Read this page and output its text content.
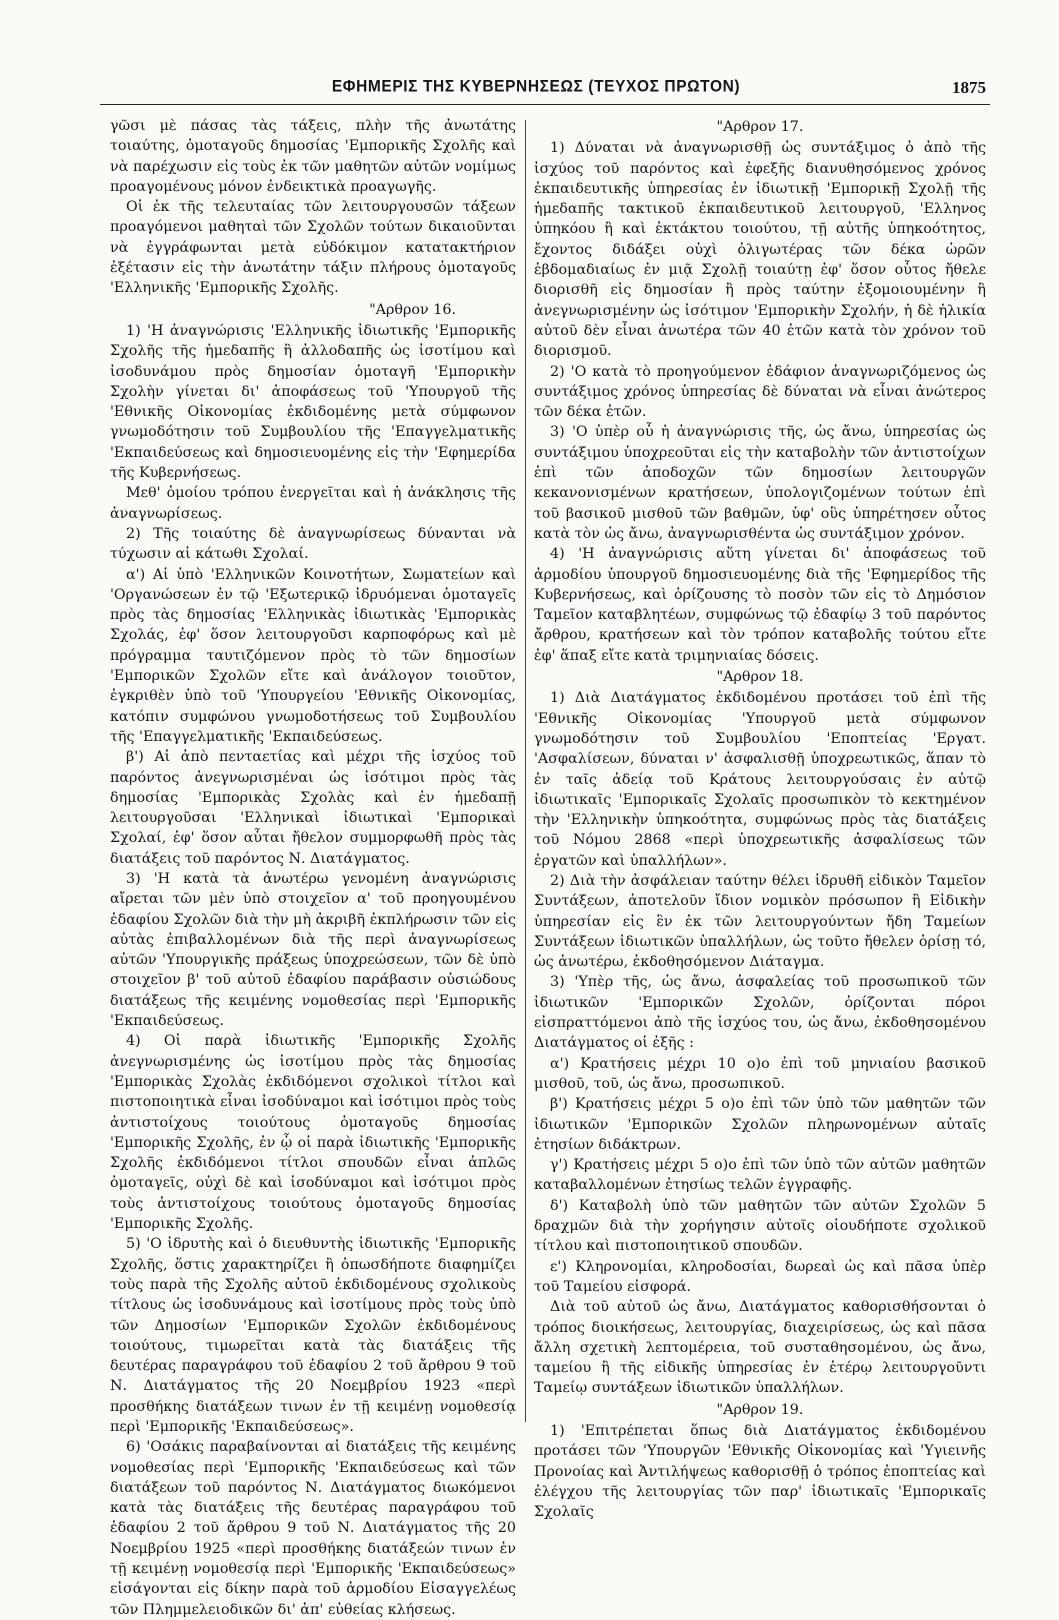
ΕΦΗΜΕΡΙΣ ΤΗΣ ΚΥΒΕΡΝΗΣΕΩΣ (ΤΕΥΧΟΣ ΠΡΩΤΟΝ)	1875

γῶσι μὲ πάσας τὰς τάξεις, πλὴν τῆς ἀνωτάτης τοιαύτης, ὁμοταγοῦς δημοσίας 'Εμπορικῆς Σχολῆς καὶ νὰ παρέχωσιν εἰς τοὺς ἐκ τῶν μαθητῶν αὐτῶν νομίμως προαγομένους μόνον ἐνδεικτικὰ προαγωγῆς.

Οἱ ἐκ τῆς τελευταίας τῶν λειτουργουσῶν τάξεων προαγόμενοι μαθηταὶ τῶν Σχολῶν τούτων δικαιοῦνται νὰ ἐγγράφωνται μετὰ εὐδόκιμον κατατακτήριον ἐξέτασιν εἰς τὴν ἀνωτάτην τάξιν πλήρους ὁμοταγοῦς 'Ελληνικῆς 'Εμπορικῆς Σχολῆς.

"Αρθρον 16.

1) 'Η ἀναγνώρισις 'Ελληνικῆς ἰδιωτικῆς 'Εμπορικῆς Σχολῆς τῆς ἡμεδαπῆς ἢ ἀλλοδαπῆς ὡς ἰσοτίμου καὶ ἰσοδυνάμου πρὸς δημοσίαν ὁμοταγῆ 'Εμπορικὴν Σχολὴν γίνεται δι' ἀποφάσεως τοῦ 'Υπουργοῦ τῆς 'Εθνικῆς Οἰκονομίας ἐκδιδομένης μετὰ σύμφωνον γνωμοδότησιν τοῦ Συμβουλίου τῆς 'Επαγγελματικῆς 'Εκπαιδεύσεως καὶ δημοσιευομένης εἰς τὴν 'Εφημερίδα τῆς Κυβερνήσεως.

Μεθ' ὁμοίου τρόπου ἐνεργεῖται καὶ ἡ ἀνάκλησις τῆς ἀναγνωρίσεως.

2) Τῆς τοιαύτης δὲ ἀναγνωρίσεως δύνανται νὰ τύχωσιν αἱ κάτωθι Σχολαί.

α') Αἱ ὑπὸ 'Ελληνικῶν Κοινοτήτων, Σωματείων καὶ 'Οργανώσεων ἐν τῷ 'Εξωτερικῷ ἱδρυόμεναι ὁμοταγεῖς πρὸς τὰς δημοσίας 'Ελληνικὰς ἰδιωτικὰς 'Εμπορικὰς Σχολάς, ἐφ' ὅσον λειτουργοῦσι καρποφόρως καὶ μὲ πρόγραμμα ταυτιζόμενον πρὸς τὸ τῶν δημοσίων 'Εμπορικῶν Σχολῶν εἴτε καὶ ἀνάλογον τοιοῦτον, ἐγκριθὲν ὑπὸ τοῦ 'Υπουργείου 'Εθνικῆς Οἰκονομίας, κατόπιν συμφώνου γνωμοδοτήσεως τοῦ Συμβουλίου τῆς 'Επαγγελματικῆς 'Εκπαιδεύσεως.

β') Αἱ ἀπὸ πενταετίας καὶ μέχρι τῆς ἰσχύος τοῦ παρόντος ἀνεγνωρισμέναι ὡς ἰσότιμοι πρὸς τὰς δημοσίας 'Εμπορικὰς Σχολὰς καὶ ἐν ἡμεδαπῇ λειτουργοῦσαι 'Ελληνικαὶ ἰδιωτικαὶ 'Εμπορικαὶ Σχολαί, ἐφ' ὅσον αὗται ἤθελον συμμορφωθῆ πρὸς τὰς διατάξεις τοῦ παρόντος Ν. Διατάγματος.

3) 'Η κατὰ τὰ ἀνωτέρω γενομένη ἀναγνώρισις αἴρεται τῶν μὲν ὑπὸ στοιχεῖον α' τοῦ προηγουμένου ἐδαφίου Σχολῶν διὰ τὴν μὴ ἀκριβῆ ἐκπλήρωσιν τῶν εἰς αὐτὰς ἐπιβαλλομένων διὰ τῆς περὶ ἀναγνωρίσεως αὐτῶν 'Υπουργικῆς πράξεως ὑποχρεώσεων, τῶν δὲ ὑπὸ στοιχεῖον β' τοῦ αὐτοῦ ἐδαφίου παράβασιν οὐσιώδους διατάξεως τῆς κειμένης νομοθεσίας περὶ 'Εμπορικῆς 'Εκπαιδεύσεως.

4) Οἱ παρὰ ἰδιωτικῆς 'Εμπορικῆς Σχολῆς ἀνεγνωρισμένης ὡς ἰσοτίμου πρὸς τὰς δημοσίας 'Εμπορικὰς Σχολὰς ἐκδιδόμενοι σχολικοὶ τίτλοι καὶ πιστοποιητικὰ εἶναι ἰσοδύναμοι καὶ ἰσότιμοι πρὸς τοὺς ἀντιστοίχους τοιούτους ὁμοταγοῦς δημοσίας 'Εμπορικῆς Σχολῆς, ἐν ᾧ οἱ παρὰ ἰδιωτικῆς 'Εμπορικῆς Σχολῆς ἐκδιδόμενοι τίτλοι σπουδῶν εἶναι ἁπλῶς ὁμοταγεῖς, οὐχὶ δὲ καὶ ἰσοδύναμοι καὶ ἰσότιμοι πρὸς τοὺς ἀντιστοίχους τοιούτους ὁμοταγοῦς δημοσίας 'Εμπορικῆς Σχολῆς.

5) 'Ο ἱδρυτὴς καὶ ὁ διευθυντὴς ἰδιωτικῆς 'Εμπορικῆς Σχολῆς, ὅστις χαρακτηρίζει ἢ ὁπωσδήποτε διαφημίζει τοὺς παρὰ τῆς Σχολῆς αὐτοῦ ἐκδιδομένους σχολικοὺς τίτλους ὡς ἰσοδυνάμους καὶ ἰσοτίμους πρὸς τοὺς ὑπὸ τῶν Δημοσίων 'Εμπορικῶν Σχολῶν ἐκδιδομένους τοιούτους, τιμωρεῖται κατὰ τὰς διατάξεις τῆς δευτέρας παραγράφου τοῦ ἐδαφίου 2 τοῦ ἄρθρου 9 τοῦ Ν. Διατάγματος τῆς 20 Νοεμβρίου 1923 «περὶ προσθήκης διατάξεων τινων ἐν τῇ κειμένῃ νομοθεσίᾳ περὶ 'Εμπορικῆς 'Εκπαιδεύσεως».

6) 'Οσάκις παραβαίνονται αἱ διατάξεις τῆς κειμένης νομοθεσίας περὶ 'Εμπορικῆς 'Εκπαιδεύσεως καὶ τῶν διατάξεων τοῦ παρόντος Ν. Διατάγματος διωκόμενοι κατὰ τὰς διατάξεις τῆς δευτέρας παραγράφου τοῦ ἐδαφίου 2 τοῦ ἄρθρου 9 τοῦ Ν. Διατάγματος τῆς 20 Νοεμβρίου 1925 «περὶ προσθήκης διατάξεών τινων ἐν τῇ κειμένῃ νομοθεσίᾳ περὶ 'Εμπορικῆς 'Εκπαιδεύσεως» εἰσάγονται εἰς δίκην παρὰ τοῦ ἁρμοδίου Εἰσαγγελέως τῶν Πλημμελειοδικῶν δι' ἀπ' εὐθείας κλήσεως.

"Αρθρον 17.

1) Δύναται νὰ ἀναγνωρισθῇ ὡς συντάξιμος ὁ ἀπὸ τῆς ἰσχύος τοῦ παρόντος καὶ ἐφεξῆς διανυθησόμενος χρόνος ἐκπαιδευτικῆς ὑπηρεσίας ἐν ἰδιωτικῇ 'Εμπορικῇ Σχολῇ τῆς ἡμεδαπῆς τακτικοῦ ἐκπαιδευτικοῦ λειτουργοῦ, 'Ελληνος ὑπηκόου ἢ καὶ ἐκτάκτου τοιούτου, τῇ αὐτῆς ὑπηκοότητος, ἔχοντος διδάξει οὐχὶ ὀλιγωτέρας τῶν δέκα ὡρῶν ἑβδομαδιαίως ἐν μιᾷ Σχολῇ τοιαύτῃ ἐφ' ὅσον οὗτος ἤθελε διορισθῆ εἰς δημοσίαν ἢ πρὸς ταύτην ἐξομοιουμένην ἢ ἀνεγνωρισμένην ὡς ἰσότιμον 'Εμπορικὴν Σχολήν, ἡ δὲ ἡλικία αὐτοῦ δὲν εἶναι ἀνωτέρα τῶν 40 ἐτῶν κατὰ τὸν χρόνον τοῦ διορισμοῦ.

2) 'Ο κατὰ τὸ προηγούμενον ἐδάφιον ἀναγνωριζόμενος ὡς συντάξιμος χρόνος ὑπηρεσίας δὲ δύναται νὰ εἶναι ἀνώτερος τῶν δέκα ἐτῶν.

3) 'Ο ὑπὲρ οὗ ἡ ἀναγνώρισις τῆς, ὡς ἄνω, ὑπηρεσίας ὡς συντάξιμου ὑποχρεοῦται εἰς τὴν καταβολὴν τῶν ἀντιστοίχων ἐπὶ τῶν ἀποδοχῶν τῶν δημοσίων λειτουργῶν κεκανονισμένων κρατήσεων, ὑπολογιζομένων τούτων ἐπὶ τοῦ βασικοῦ μισθοῦ τῶν βαθμῶν, ὑφ' οὓς ὑπηρέτησεν οὗτος κατὰ τὸν ὡς ἄνω, ἀναγνωρισθέντα ὡς συντάξιμον χρόνον.

4) 'Η ἀναγνώρισις αὕτη γίνεται δι' ἀποφάσεως τοῦ ἁρμοδίου ὑπουργοῦ δημοσιευομένης διὰ τῆς 'Εφημερίδος τῆς Κυβερνήσεως, καὶ ὁρίζουσης τὸ ποσὸν τῶν εἰς τὸ Δημόσιον Ταμεῖον καταβλητέων, συμφώνως τῷ ἐδαφίῳ 3 τοῦ παρόντος ἄρθρου, κρατήσεων καὶ τὸν τρόπον καταβολῆς τούτου εἴτε ἐφ' ἅπαξ εἴτε κατὰ τριμηνιαίας δόσεις.

"Αρθρον 18.

1) Διὰ Διατάγματος ἐκδιδομένου προτάσει τοῦ ἐπὶ τῆς 'Εθνικῆς Οἰκονομίας 'Υπουργοῦ μετὰ σύμφωνον γνωμοδότησιν τοῦ Συμβουλίου 'Εποπτείας 'Εργατ. 'Ασφαλίσεων, δύναται ν' ἀσφαλισθῇ ὑποχρεωτικῶς, ἅπαν τὸ ἐν ταῖς ἀδείᾳ τοῦ Κράτους λειτουργούσαις ἐν αὐτῷ ἰδιωτικαῖς 'Εμπορικαῖς Σχολαῖς προσωπικὸν τὸ κεκτημένον τὴν 'Ελληνικὴν ὑπηκοότητα, συμφώνως πρὸς τὰς διατάξεις τοῦ Νόμου 2868 «περὶ ὑποχρεωτικῆς ἀσφαλίσεως τῶν ἐργατῶν καὶ ὑπαλλήλων».

2) Διὰ τὴν ἀσφάλειαν ταύτην θέλει ἱδρυθῆ εἰδικὸν Ταμεῖον Συντάξεων, ἀποτελοῦν ἴδιον νομικὸν πρόσωπον ἢ Εἰδικὴν ὑπηρεσίαν εἰς ἓν ἐκ τῶν λειτουργούντων ἤδη Ταμείων Συντάξεων ἰδιωτικῶν ὑπαλλήλων, ὡς τοῦτο ἤθελεν ὁρίσῃ τό, ὡς ἀνωτέρω, ἐκδοθησόμενον Διάταγμα.

3) 'Υπὲρ τῆς, ὡς ἄνω, ἀσφαλείας τοῦ προσωπικοῦ τῶν ἰδιωτικῶν 'Εμπορικῶν Σχολῶν, ὁρίζονται πόροι εἰσπραττόμενοι ἀπὸ τῆς ἰσχύος του, ὡς ἄνω, ἐκδοθησομένου Διατάγματος οἱ ἐξῆς :

α') Κρατήσεις μέχρι 10 ο)ο ἐπὶ τοῦ μηνιαίου βασικοῦ μισθοῦ, τοῦ, ὡς ἄνω, προσωπικοῦ.

β') Κρατήσεις μέχρι 5 ο)ο ἐπὶ τῶν ὑπὸ τῶν μαθητῶν τῶν ἰδιωτικῶν 'Εμπορικῶν Σχολῶν πληρωνομένων αὐταῖς ἐτησίων διδάκτρων.

γ') Κρατήσεις μέχρι 5 ο)ο ἐπὶ τῶν ὑπὸ τῶν αὐτῶν μαθητῶν καταβαλλομένων ἐτησίως τελῶν ἐγγραφῆς.

δ') Καταβολὴ ὑπὸ τῶν μαθητῶν τῶν αὐτῶν Σχολῶν 5 δραχμῶν διὰ τὴν χορήγησιν αὐτοῖς οἱουδήποτε σχολικοῦ τίτλου καὶ πιστοποιητικοῦ σπουδῶν.

ε') Κληρονομίαι, κληροδοσίαι, δωρεαὶ ὡς καὶ πᾶσα ὑπὲρ τοῦ Ταμείου εἰσφορά.

Διὰ τοῦ αὐτοῦ ὡς ἄνω, Διατάγματος καθορισθήσονται ὁ τρόπος διοικήσεως, λειτουργίας, διαχειρίσεως, ὡς καὶ πᾶσα ἄλλη σχετικὴ λεπτομέρεια, τοῦ συσταθησομένου, ὡς ἄνω, ταμείου ἢ τῆς εἰδικῆς ὑπηρεσίας ἐν ἑτέρῳ λειτουργοῦντι Ταμείῳ συντάξεων ἰδιωτικῶν ὑπαλλήλων.

"Αρθρον 19.

1) 'Επιτρέπεται ὅπως διὰ Διατάγματος ἐκδιδομένου προτάσει τῶν 'Υπουργῶν 'Εθνικῆς Οἰκονομίας καὶ 'Υγιεινῆς Προνοίας καὶ Ἀντιλήψεως καθορισθῇ ὁ τρόπος ἐποπτείας καὶ ἐλέγχου τῆς λειτουργίας τῶν παρ' ἰδιωτικαῖς 'Εμπορικαῖς Σχολαῖς
